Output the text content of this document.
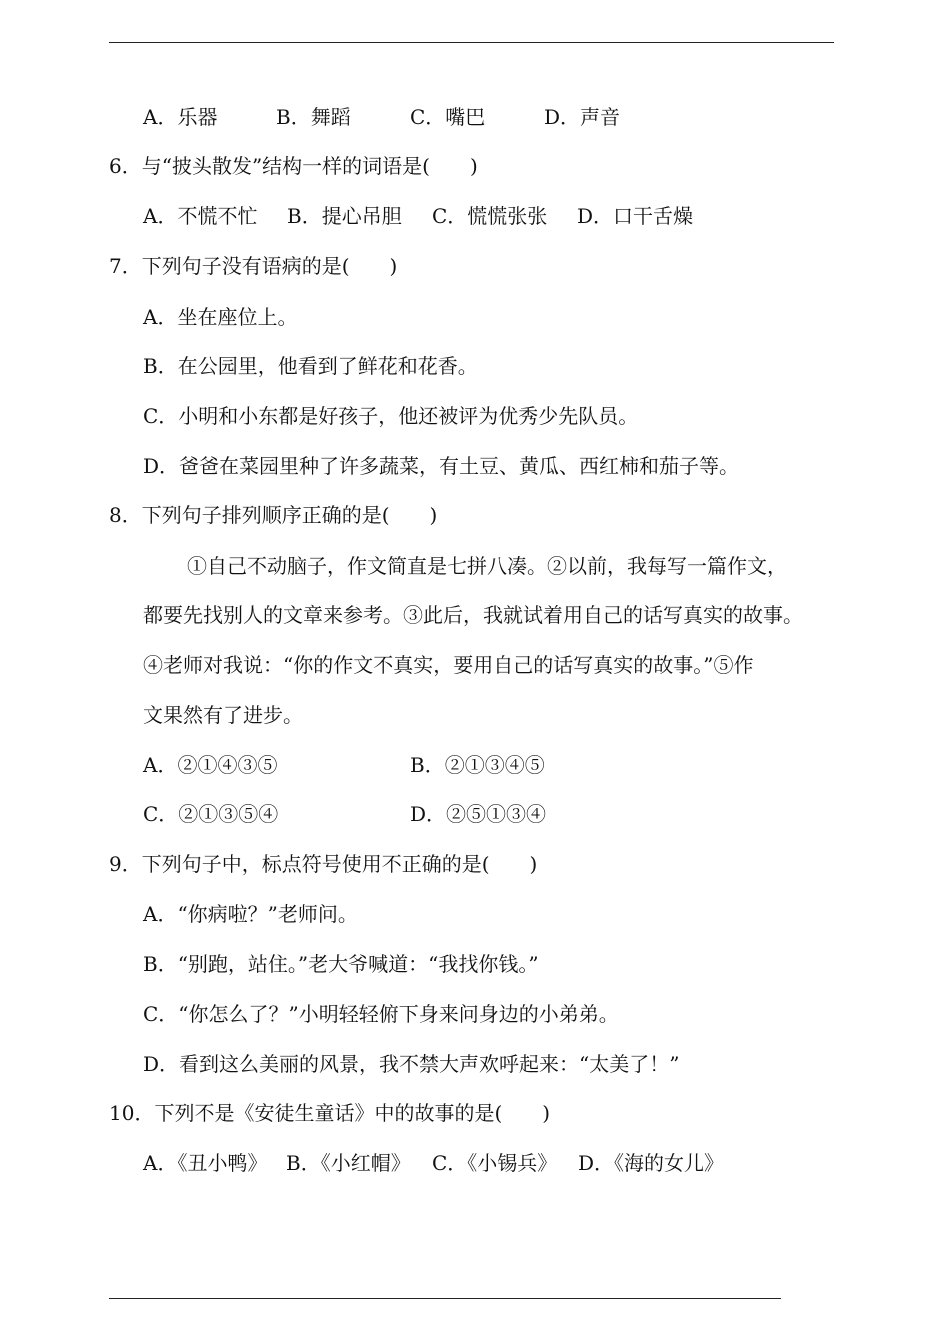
A．乐器	B．舞蹈	C．嘴巴	D．声音
6．与“披头散发”结构一样的词语是(　　)
A．不慌不忙 B．提心吊胆 C．慌慌张张 D．口干舌燥
7．下列句子没有语病的是(　　)
A．坐在座位上。
B．在公园里，他看到了鲜花和花香。
C．小明和小东都是好孩子，他还被评为优秀少先队员。
D．爸爸在菜园里种了许多蔬菜，有土豆、黄瓜、西红柿和茄子等。
8．下列句子排列顺序正确的是(　　)
①自己不动脑子，作文简直是七拼八凑。②以前，我每写一篇作文，
都要先找别人的文章来参考。③此后，我就试着用自己的话写真实的故事。
④老师对我说：“你的作文不真实，要用自己的话写真实的故事。”⑤作
文果然有了进步。
A．②①④③⑤	B．②①③④⑤
C．②①③⑤④	D．②⑤①③④
9．下列句子中，标点符号使用不正确的是(　　)
A．“你病啦？”老师问。
B．“别跑，站住。”老大爷喊道：“我找你钱。”
C．“你怎么了？”小明轻轻俯下身来问身边的小弟弟。
D．看到这么美丽的风景，我不禁大声欢呼起来：“太美了！”
10．下列不是《安徒生童话》中的故事的是(　　)
A．《丑小鸭》 B．《小红帽》 C．《小锡兵》 D．《海的女儿》
